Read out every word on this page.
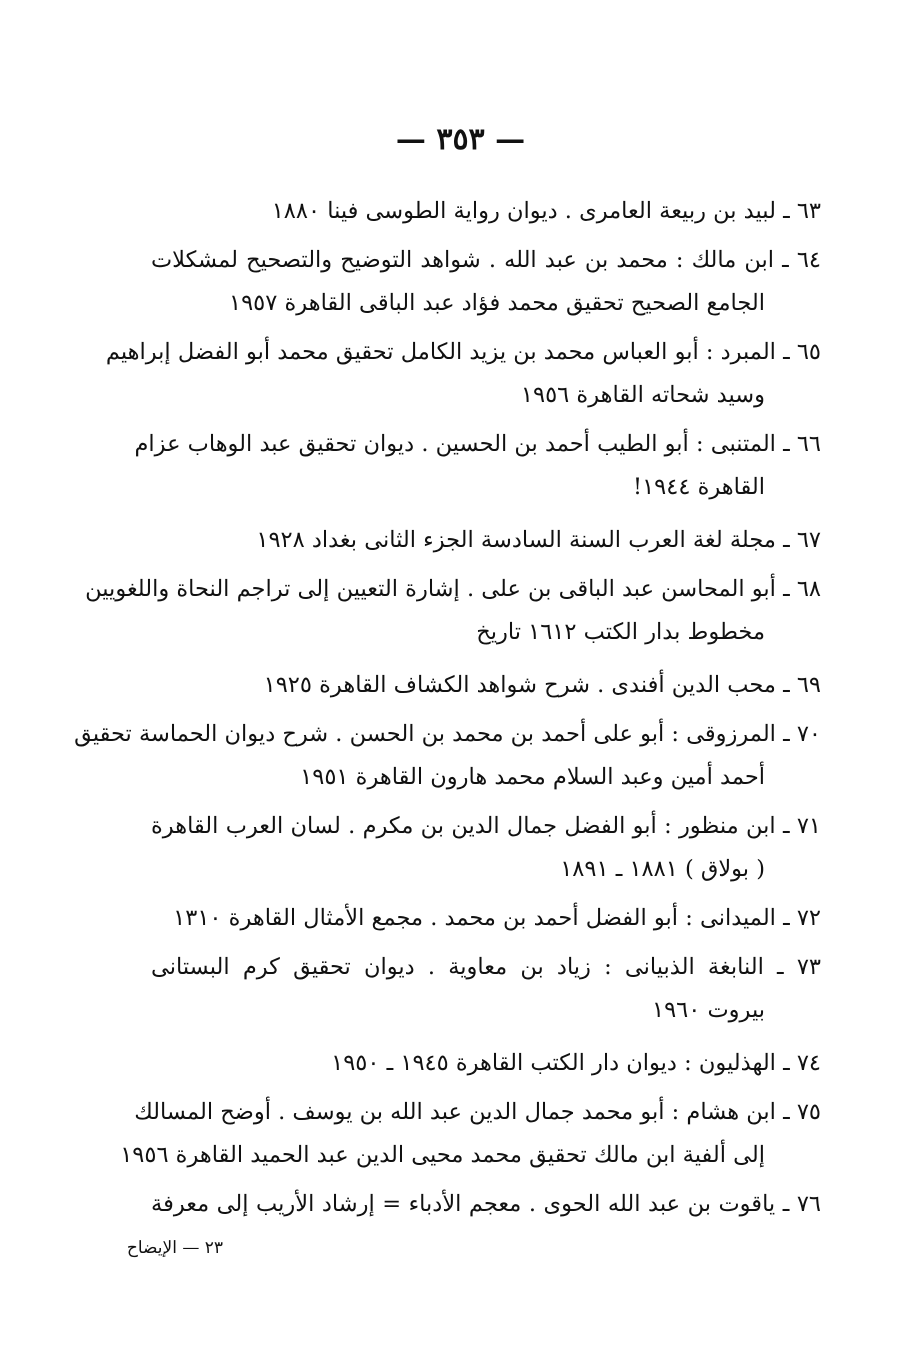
— ٣٥٣ —
٦٣ ـ لبيد بن ربيعة العامرى . ديوان رواية الطوسى فينا ١٨٨٠
٦٤ ـ ابن مالك : محمد بن عبد الله . شواهد التوضيح والتصحيح لمشكلات
الجامع الصحيح تحقيق محمد فؤاد عبد الباقى القاهرة ١٩٥٧
٦٥ ـ المبرد : أبو العباس محمد بن يزيد الكامل تحقيق محمد أبو الفضل إبراهيم
وسيد شحاته القاهرة ١٩٥٦
٦٦ ـ المتنبى : أبو الطيب أحمد بن الحسين . ديوان تحقيق عبد الوهاب عزام
القاهرة ١٩٤٤!
٦٧ ـ مجلة لغة العرب السنة السادسة الجزء الثانى بغداد ١٩٢٨
٦٨ ـ أبو المحاسن عبد الباقى بن على . إشارة التعيين إلى تراجم النحاة واللغويين
مخطوط بدار الكتب ١٦١٢ تاريخ
٦٩ ـ محب الدين أفندى . شرح شواهد الكشاف القاهرة ١٩٢٥
٧٠ ـ المرزوقى : أبو على أحمد بن محمد بن الحسن . شرح ديوان الحماسة تحقيق
أحمد أمين وعبد السلام محمد هارون القاهرة ١٩٥١
٧١ ـ ابن منظور : أبو الفضل جمال الدين بن مكرم . لسان العرب القاهرة
( بولاق ) ١٨٨١ ـ ١٨٩١
٧٢ ـ الميدانى : أبو الفضل أحمد بن محمد . مجمع الأمثال القاهرة ١٣١٠
٧٣ ـ النابغة الذبيانى : زياد بن معاوية . ديوان تحقيق كرم البستانى
بيروت ١٩٦٠
٧٤ ـ الهذليون : ديوان دار الكتب القاهرة ١٩٤٥ ـ ١٩٥٠
٧٥ ـ ابن هشام : أبو محمد جمال الدين عبد الله بن يوسف . أوضح المسالك
إلى ألفية ابن مالك تحقيق محمد محيى الدين عبد الحميد القاهرة ١٩٥٦
٧٦ ـ ياقوت بن عبد الله الحوى . معجم الأدباء = إرشاد الأريب إلى معرفة
٢٣ — الإيضاح
